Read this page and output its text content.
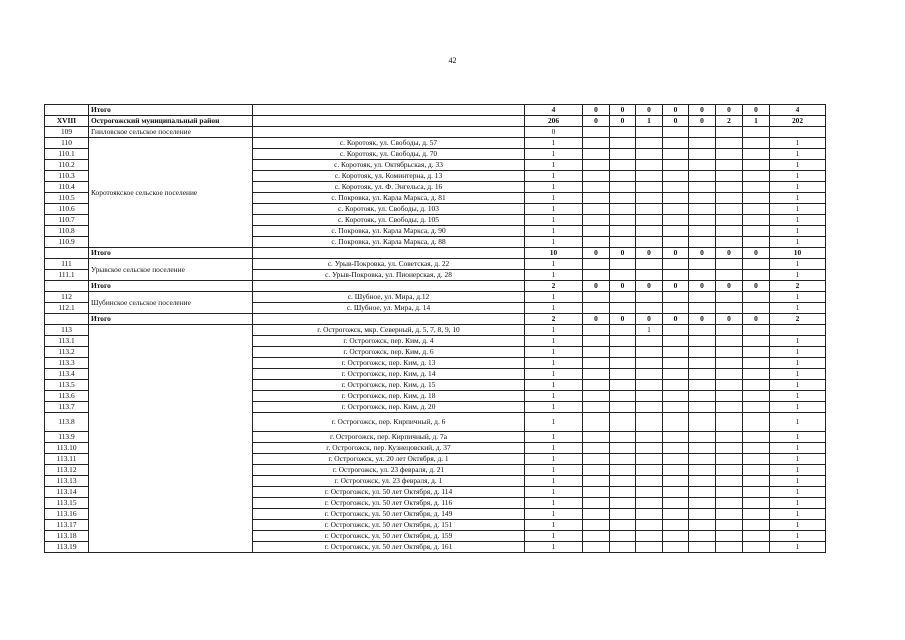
42
	Итого		4	0	0	0	0	0	0	0	4
XVIII	Острогожский муниципальный район		206	0	0	1	0	0	2	1	202
109	Гниловское сельское поселение		0								
110	Коротоякское сельское поселение	с. Коротояк, ул. Свободы, д. 57	1								1
110.1		с. Коротояк, ул. Свободы, д. 70	1								1
110.2		с. Коротояк, ул. Октябрьская, д. 33	1								1
110.3		с. Коротояк, ул. Коминтерна, д. 13	1								1
110.4		с. Коротояк, ул. Ф. Энгельса, д. 16	1								1
110.5		с. Покровка, ул. Карла Маркса, д. 81	1								1
110.6		с. Коротояк, ул. Свободы, д. 103	1								1
110.7		с. Коротояк, ул. Свободы, д. 105	1								1
110.8		с. Покровка, ул. Карла Маркса, д. 90	1								1
110.9		с. Покровка, ул. Карла Маркса, д. 88	1								1
	Итого		10	0	0	0	0	0	0	0	10
111	Урывское сельское поселение	с. Урыв-Покровка, ул. Советская, д. 22	1								1
111.1		с. Урыв-Покровка, ул. Пионерская, д. 28	1								1
	Итого		2	0	0	0	0	0	0	0	2
112	Шубинское сельское поселение	с. Шубное, ул. Мира, д.12	1								1
112.1		с. Шубное, ул. Мира, д. 14	1								1
	Итого		2	0	0	0	0	0	0	0	2
113		г. Острогожск, мкр. Северный, д. 5, 7, 8, 9, 10	1			1					
113.1		г. Острогожск, пер. Ким, д. 4	1								1
113.2		г. Острогожск, пер. Ким, д. 6	1								1
113.3		г. Острогожск, пер. Ким, д. 13	1								1
113.4		г. Острогожск, пер. Ким, д. 14	1								1
113.5		г. Острогожск, пер. Ким, д. 15	1								1
113.6		г. Острогожск, пер. Ким, д. 18	1								1
113.7		г. Острогожск, пер. Ким, д. 20	1								1
113.8		г. Острогожск, пер. Кирпичный, д. 6	1								1
113.9		г. Острогожск, пер. Кирпичный, д. 7а	1								1
113.10		г. Острогожск, пер. Кузнецовский, д. 37	1								1
113.11		г. Острогожск, ул. 20 лет Октября, д. 1	1								1
113.12		г. Острогожск, ул. 23 февраля, д. 21	1								1
113.13		г. Острогожск, ул. 23 февраля, д. 1	1								1
113.14		г. Острогожск, ул. 50 лет Октября, д. 114	1								1
113.15		г. Острогожск, ул. 50 лет Октября, д. 116	1								1
113.16		г. Острогожск, ул. 50 лет Октября, д. 149	1								1
113.17		г. Острогожск, ул. 50 лет Октября, д. 151	1								1
113.18		г. Острогожск, ул. 50 лет Октября, д. 159	1								1
113.19		г. Острогожск, ул. 50 лет Октября, д. 161	1								1
